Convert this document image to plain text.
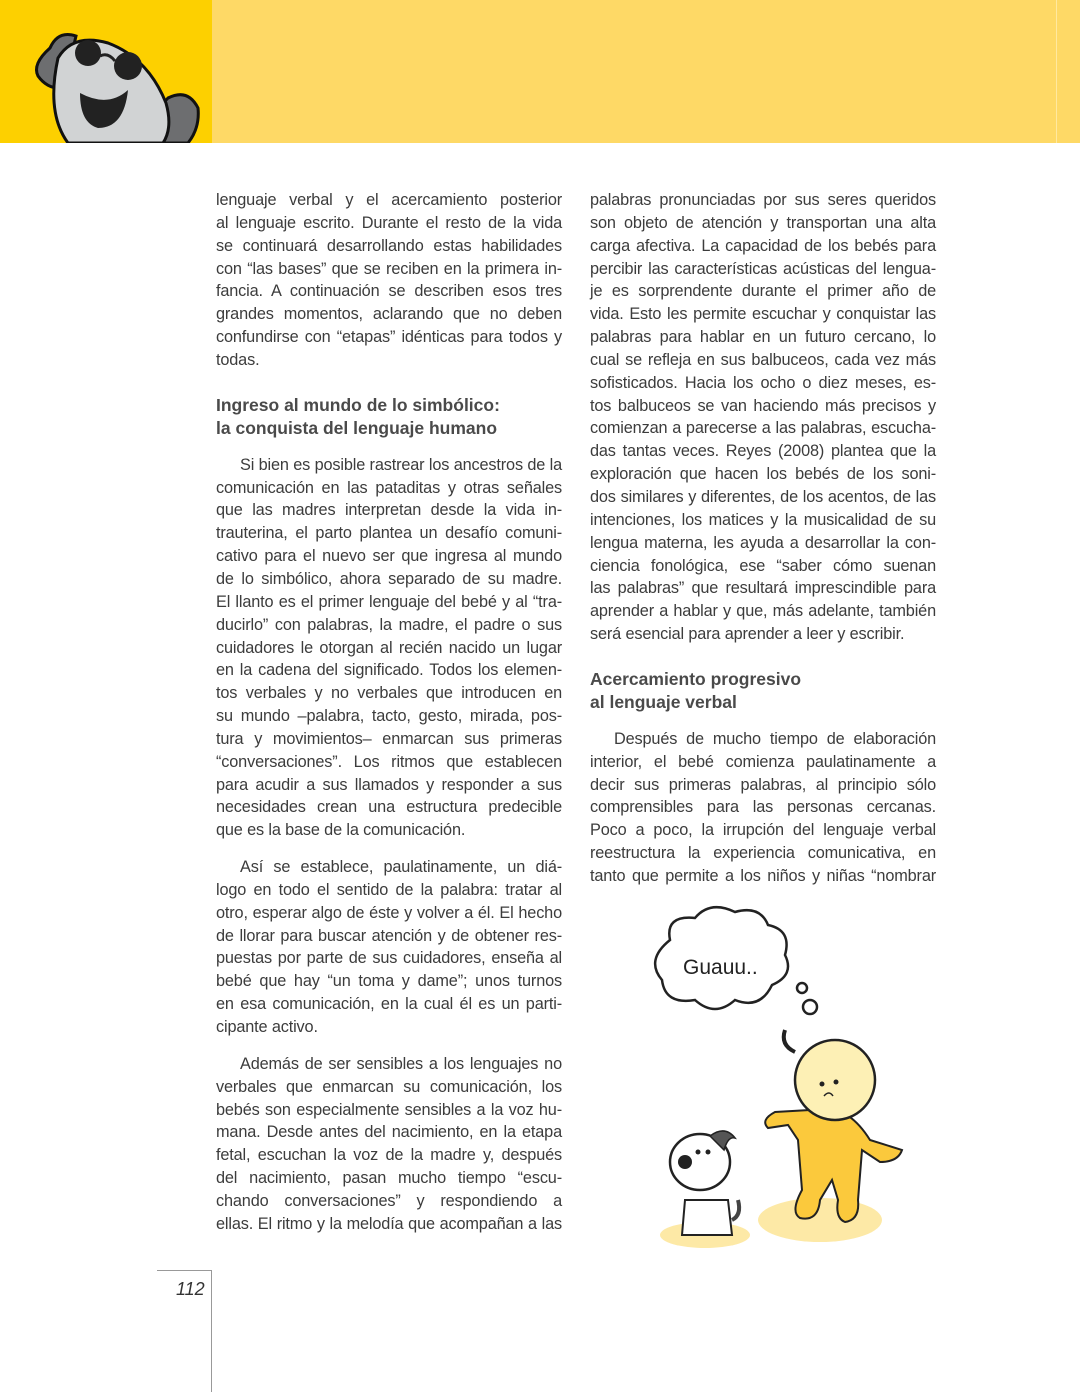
lenguaje verbal y el acercamiento posterior
al lenguaje escrito. Durante el resto de la vida
se continuará desarrollando estas habilidades
con “las bases” que se reciben en la primera in-
fancia. A continuación se describen esos tres
grandes momentos, aclarando que no deben
confundirse con “etapas” idénticas para todos y
todas.
Ingreso al mundo de lo simbólico:
la conquista del lenguaje humano
Si bien es posible rastrear los ancestros de la
comunicación en las pataditas y otras señales
que las madres interpretan desde la vida in-
trauterina, el parto plantea un desafío comuni-
cativo para el nuevo ser que ingresa al mundo
de lo simbólico, ahora separado de su madre.
El llanto es el primer lenguaje del bebé y al “tra-
ducirlo” con palabras, la madre, el padre o sus
cuidadores le otorgan al recién nacido un lugar
en la cadena del significado. Todos los elemen-
tos verbales y no verbales que introducen en
su mundo –palabra, tacto, gesto, mirada, pos-
tura y movimientos– enmarcan sus primeras
“conversaciones”. Los ritmos que establecen
para acudir a sus llamados y responder a sus
necesidades crean una estructura predecible
que es la base de la comunicación.
Así se establece, paulatinamente, un diá-
logo en todo el sentido de la palabra: tratar al
otro, esperar algo de éste y volver a él. El hecho
de llorar para buscar atención y de obtener res-
puestas por parte de sus cuidadores, enseña al
bebé que hay “un toma y dame”; unos turnos
en esa comunicación, en la cual él es un parti-
cipante activo.
Además de ser sensibles a los lenguajes no
verbales que enmarcan su comunicación, los
bebés son especialmente sensibles a la voz hu-
mana. Desde antes del nacimiento, en la etapa
fetal, escuchan la voz de la madre y, después
del nacimiento, pasan mucho tiempo “escu-
chando conversaciones” y respondiendo a
ellas. El ritmo y la melodía que acompañan a las
palabras pronunciadas por sus seres queridos
son objeto de atención y transportan una alta
carga afectiva. La capacidad de los bebés para
percibir las características acústicas del lengua-
je es sorprendente durante el primer año de
vida. Esto les permite escuchar y conquistar las
palabras para hablar en un futuro cercano, lo
cual se refleja en sus balbuceos, cada vez más
sofisticados. Hacia los ocho o diez meses, es-
tos balbuceos se van haciendo más precisos y
comienzan a parecerse a las palabras, escucha-
das tantas veces. Reyes (2008) plantea que la
exploración que hacen los bebés de los soni-
dos similares y diferentes, de los acentos, de las
intenciones, los matices y la musicalidad de su
lengua materna, les ayuda a desarrollar la con-
ciencia fonológica, ese “saber cómo suenan
las palabras” que resultará imprescindible para
aprender a hablar y que, más adelante, también
será esencial para aprender a leer y escribir.
Acercamiento progresivo
al lenguaje verbal
Después de mucho tiempo de elaboración
interior, el bebé comienza paulatinamente a
decir sus primeras palabras, al principio sólo
comprensibles para las personas cercanas.
Poco a poco, la irrupción del lenguaje verbal
reestructura la experiencia comunicativa, en
tanto que permite a los niños y niñas “nombrar
Guauu..
112
